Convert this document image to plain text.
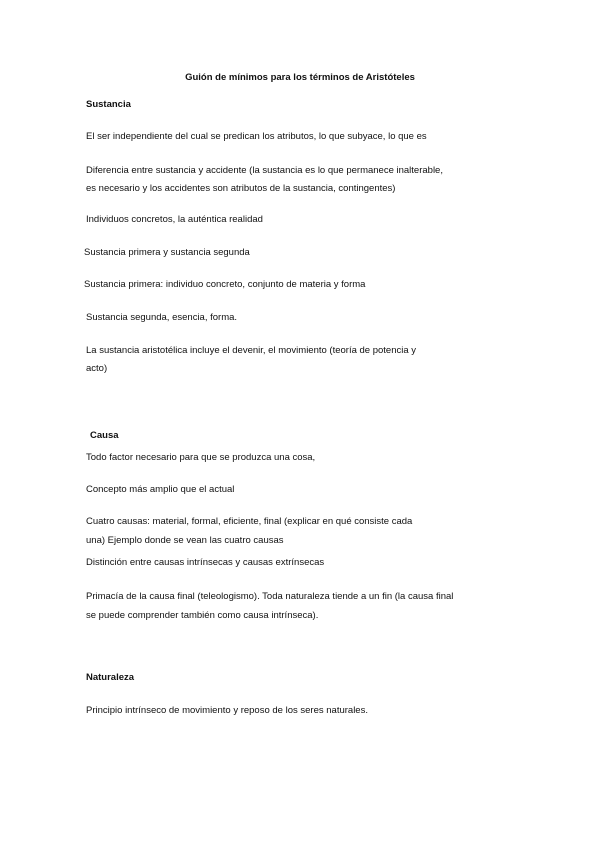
Guión de mínimos para los términos de Aristóteles
Sustancia
El ser independiente del cual se predican los atributos, lo que subyace, lo que es
Diferencia entre sustancia y accidente (la sustancia es lo que permanece inalterable,
es necesario y los accidentes son atributos de la sustancia, contingentes)
Individuos concretos, la auténtica realidad
Sustancia primera y sustancia segunda
Sustancia primera: individuo concreto, conjunto de materia y forma
Sustancia segunda, esencia, forma.
La sustancia aristotélica incluye el devenir, el movimiento (teoría de potencia y
acto)
Causa
Todo factor necesario para que se produzca una cosa,
Concepto más amplio que el actual
Cuatro causas: material, formal, eficiente, final (explicar en qué consiste cada
una) Ejemplo donde se vean las cuatro causas
Distinción entre causas intrínsecas y causas extrínsecas
Primacía de la causa final (teleologismo). Toda naturaleza tiende a un fin (la causa final
se puede comprender también como causa intrínseca).
Naturaleza
Principio intrínseco de movimiento y reposo de los seres naturales.
